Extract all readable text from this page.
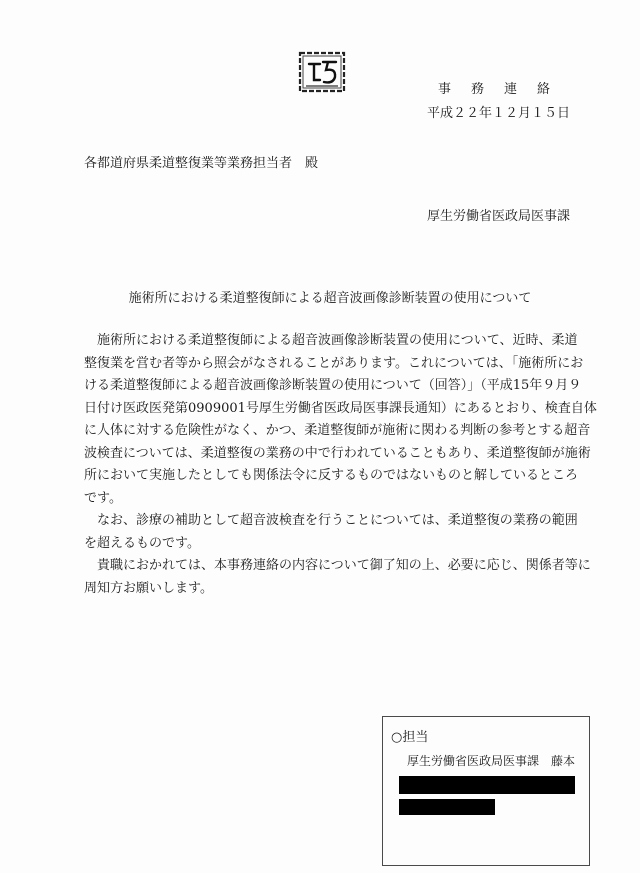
事務連絡
平成２２年１２月１５日
各都道府県柔道整復業等業務担当者　殿
厚生労働省医政局医事課
施術所における柔道整復師による超音波画像診断装置の使用について
　施術所における柔道整復師による超音波画像診断装置の使用について、近時、柔道
整復業を営む者等から照会がなされることがあります。これについては、「施術所にお
ける柔道整復師による超音波画像診断装置の使用について（回答）」（平成15年９月９
日付け医政医発第0909001号厚生労働省医政局医事課長通知）にあるとおり、検査自体
に人体に対する危険性がなく、かつ、柔道整復師が施術に関わる判断の参考とする超音
波検査については、柔道整復の業務の中で行われていることもあり、柔道整復師が施術
所において実施したとしても関係法令に反するものではないものと解しているところ
です。
　なお、診療の補助として超音波検査を行うことについては、柔道整復の業務の範囲
を超えるものです。
　貴職におかれては、本事務連絡の内容について御了知の上、必要に応じ、関係者等に
周知方お願いします。
○担当
厚生労働省医政局医事課　藤本
